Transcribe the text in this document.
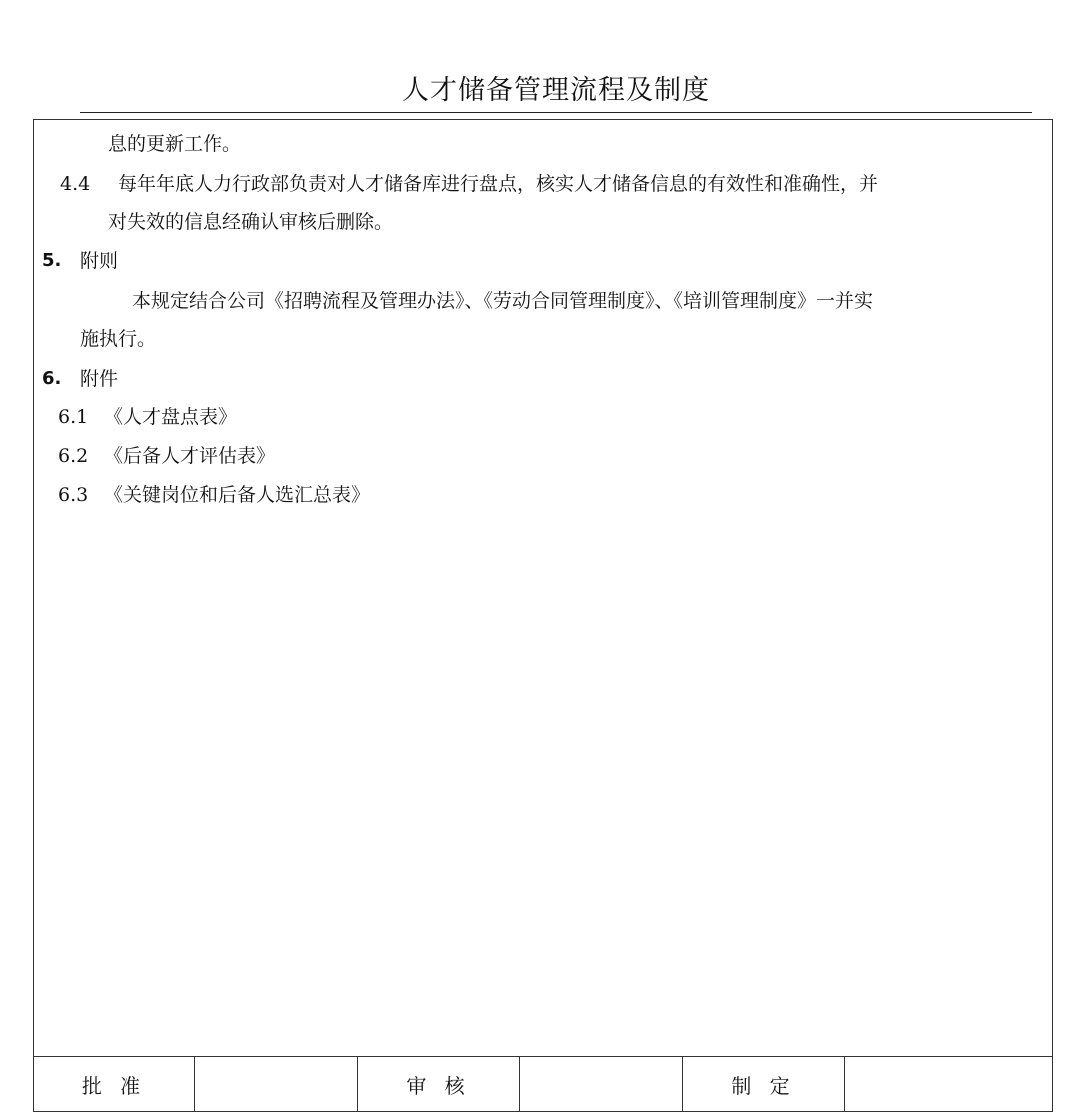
人才储备管理流程及制度
息的更新工作。
4.4 每年年底人力行政部负责对人才储备库进行盘点，核实人才储备信息的有效性和准确性，并
对失效的信息经确认审核后删除。
5. 附则
本规定结合公司《招聘流程及管理办法》、《劳动合同管理制度》、《培训管理制度》一并实
施执行。
6. 附件
6.1 《人才盘点表》
6.2 《后备人才评估表》
6.3 《关键岗位和后备人选汇总表》
批 准		审 核		制 定	
